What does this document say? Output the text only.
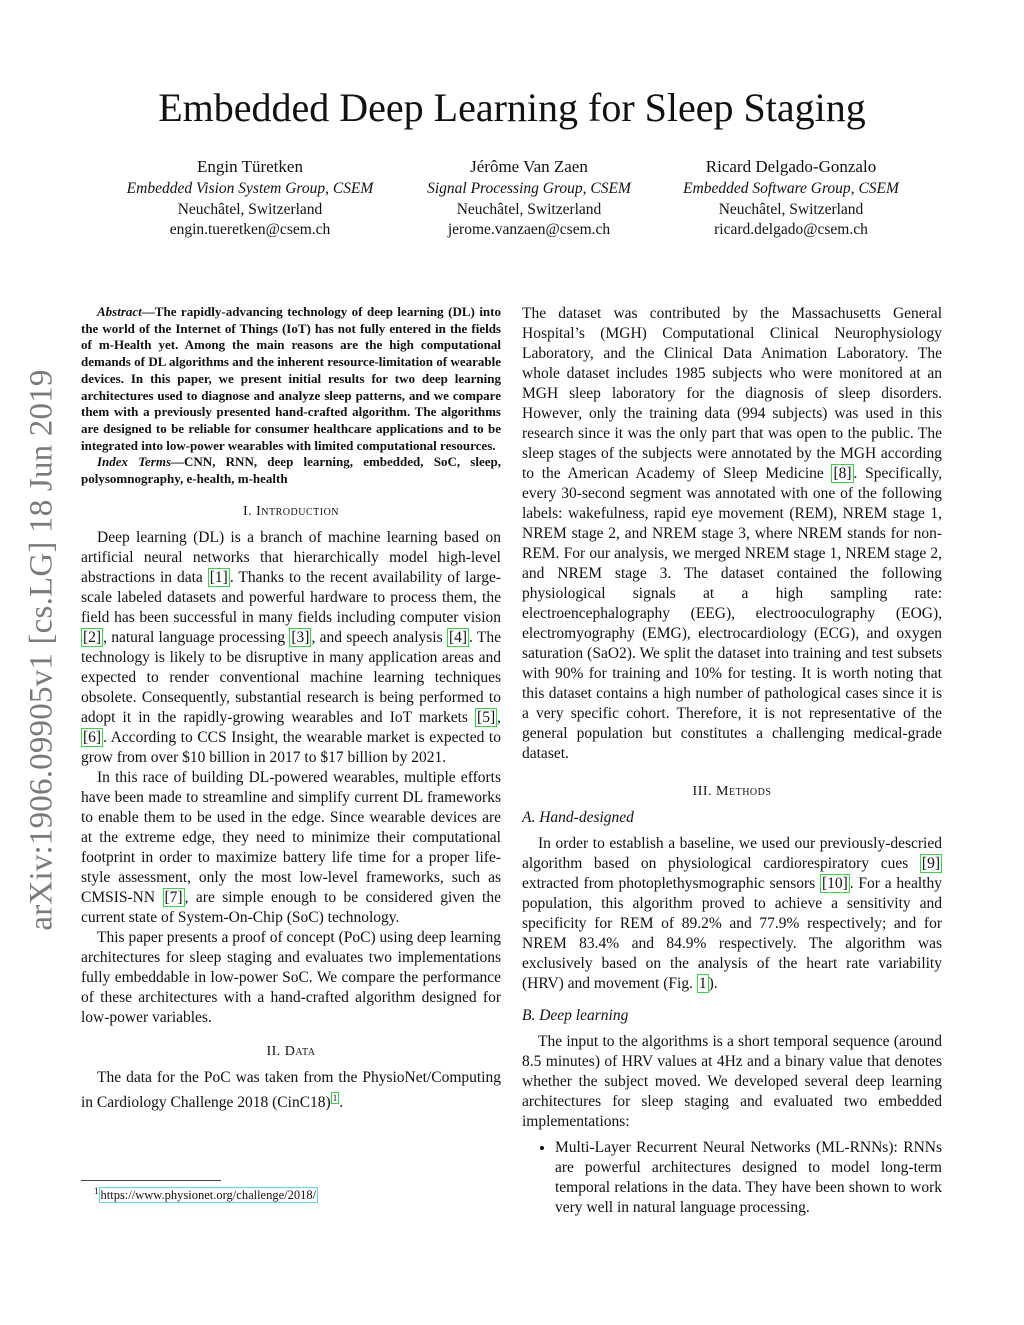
arXiv:1906.09905v1 [cs.LG] 18 Jun 2019
Embedded Deep Learning for Sleep Staging
Engin Türetken
Embedded Vision System Group, CSEM
Neuchâtel, Switzerland
engin.tueretken@csem.ch
Jérôme Van Zaen
Signal Processing Group, CSEM
Neuchâtel, Switzerland
jerome.vanzaen@csem.ch
Ricard Delgado-Gonzalo
Embedded Software Group, CSEM
Neuchâtel, Switzerland
ricard.delgado@csem.ch

Abstract—The rapidly-advancing technology of deep learning (DL) into the world of the Internet of Things (IoT) has not fully entered in the fields of m-Health yet. Among the main reasons are the high computational demands of DL algorithms and the inherent resource-limitation of wearable devices. In this paper, we present initial results for two deep learning architectures used to diagnose and analyze sleep patterns, and we compare them with a previously presented hand-crafted algorithm. The algorithms are designed to be reliable for consumer healthcare applications and to be integrated into low-power wearables with limited computational resources.

Index Terms—CNN, RNN, deep learning, embedded, SoC, sleep, polysomnography, e-health, m-health

I. Introduction

Deep learning (DL) is a branch of machine learning based on artificial neural networks that hierarchically model high-level abstractions in data [1] . Thanks to the recent availability of large-scale labeled datasets and powerful hardware to process them, the field has been successful in many fields including computer vision [2] , natural language processing [3] , and speech analysis [4] . The technology is likely to be disruptive in many application areas and expected to render conventional machine learning techniques obsolete. Consequently, substantial research is being performed to adopt it in the rapidly-growing wearables and IoT markets [5] , [6] . According to CCS Insight, the wearable market is expected to grow from over $10 billion in 2017 to $17 billion by 2021.

In this race of building DL-powered wearables, multiple efforts have been made to streamline and simplify current DL frameworks to enable them to be used in the edge. Since wearable devices are at the extreme edge, they need to minimize their computational footprint in order to maximize battery life time for a proper life-style assessment, only the most low-level frameworks, such as CMSIS-NN [7] , are simple enough to be considered given the current state of System-On-Chip (SoC) technology.

This paper presents a proof of concept (PoC) using deep learning architectures for sleep staging and evaluates two implementations fully embeddable in low-power SoC. We compare the performance of these architectures with a hand-crafted algorithm designed for low-power variables.

II. Data

The data for the PoC was taken from the PhysioNet/Computing in Cardiology Challenge 2018 (CinC18) $^1$ .

$^1$ https://www.physionet.org/challenge/2018/

The dataset was contributed by the Massachusetts General Hospital’s (MGH) Computational Clinical Neurophysiology Laboratory, and the Clinical Data Animation Laboratory. The whole dataset includes 1985 subjects who were monitored at an MGH sleep laboratory for the diagnosis of sleep disorders. However, only the training data (994 subjects) was used in this research since it was the only part that was open to the public. The sleep stages of the subjects were annotated by the MGH according to the American Academy of Sleep Medicine [8] . Specifically, every 30-second segment was annotated with one of the following labels: wakefulness, rapid eye movement (REM), NREM stage 1, NREM stage 2, and NREM stage 3, where NREM stands for non-REM. For our analysis, we merged NREM stage 1, NREM stage 2, and NREM stage 3. The dataset contained the following physiological signals at a high sampling rate: electroencephalography (EEG), electrooculography (EOG), electromyography (EMG), electrocardiology (ECG), and oxygen saturation (SaO2). We split the dataset into training and test subsets with 90% for training and 10% for testing. It is worth noting that this dataset contains a high number of pathological cases since it is a very specific cohort. Therefore, it is not representative of the general population but constitutes a challenging medical-grade dataset.

III. Methods
A. Hand-designed

In order to establish a baseline, we used our previously-descried algorithm based on physiological cardiorespiratory cues [9] extracted from photoplethysmographic sensors [10] . For a healthy population, this algorithm proved to achieve a sensitivity and specificity for REM of 89.2% and 77.9% respectively; and for NREM 83.4% and 84.9% respectively. The algorithm was exclusively based on the analysis of the heart rate variability (HRV) and movement (Fig. 1 ).

B. Deep learning

The input to the algorithms is a short temporal sequence (around 8.5 minutes) of HRV values at 4Hz and a binary value that denotes whether the subject moved. We developed several deep learning architectures for sleep staging and evaluated two embedded implementations:

• Multi-Layer Recurrent Neural Networks (ML-RNNs): RNNs are powerful architectures designed to model long-term temporal relations in the data. They have been shown to work very well in natural language processing.
